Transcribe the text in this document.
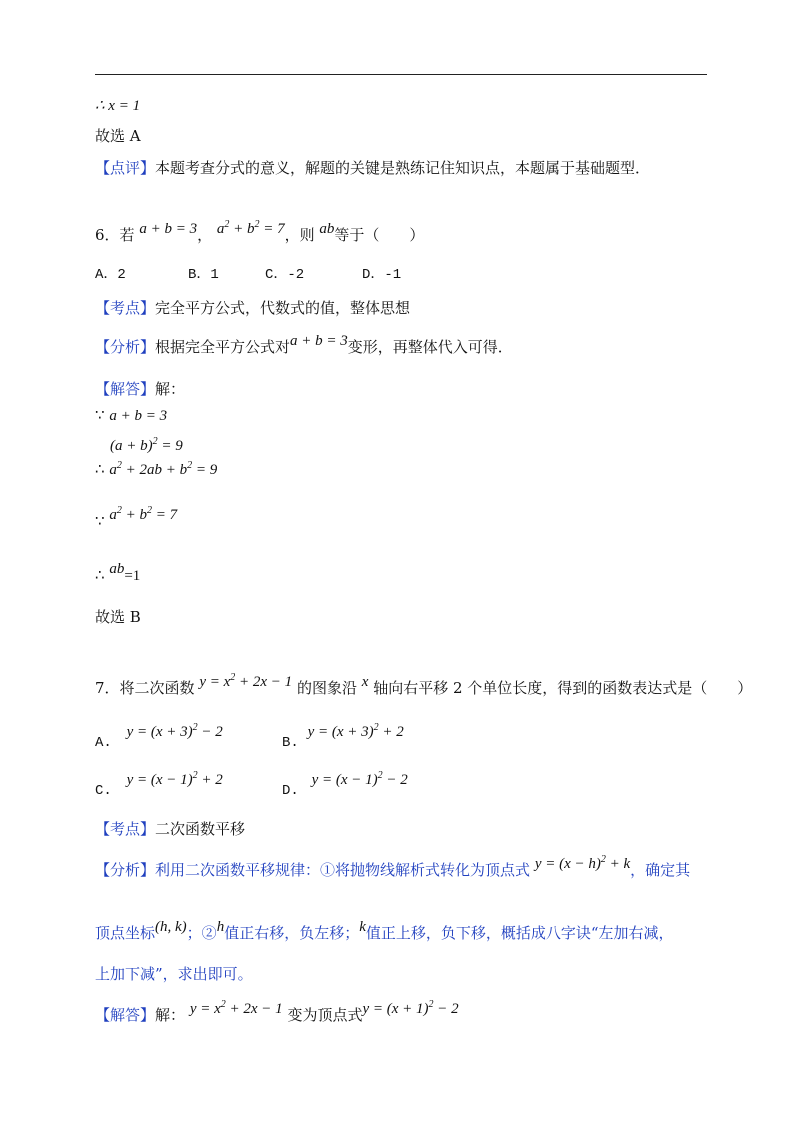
∴ x = 1
故选 A
【点评】本题考查分式的意义，解题的关键是熟练记住知识点，本题属于基础题型．
6．若 a + b = 3， $a^2 + b^2 = 7$，则 ab等于（　　）
A．2	B．1	C．-2	D．-1
【考点】完全平方公式，代数式的值，整体思想
【分析】根据完全平方公式对a + b = 3变形，再整体代入可得．
【解答】解：
∵ a + b = 3
$(a + b)^2 = 9$
∴ $a^2 + 2ab + b^2 = 9$
∵ $a^2 + b^2 = 7$
∴ ab=1
故选 B
7．将二次函数 $y = x^2 + 2x - 1$ 的图象沿 x 轴向右平移 2 个单位长度，得到的函数表达式是（　　）
A. $y = (x + 3)^2 - 2$
B. $y = (x + 3)^2 + 2$
C. $y = (x - 1)^2 + 2$
D. $y = (x - 1)^2 - 2$
【考点】二次函数平移
【分析】利用二次函数平移规律：①将抛物线解析式转化为顶点式 $y = (x - h)^2 + k$，确定其
顶点坐标(h, k)；②h值正右移，负左移；k值正上移，负下移，概括成八字诀“左加右减，
上加下减”，求出即可。
【解答】解： $y = x^2 + 2x - 1$ 变为顶点式$y = (x + 1)^2 - 2$
